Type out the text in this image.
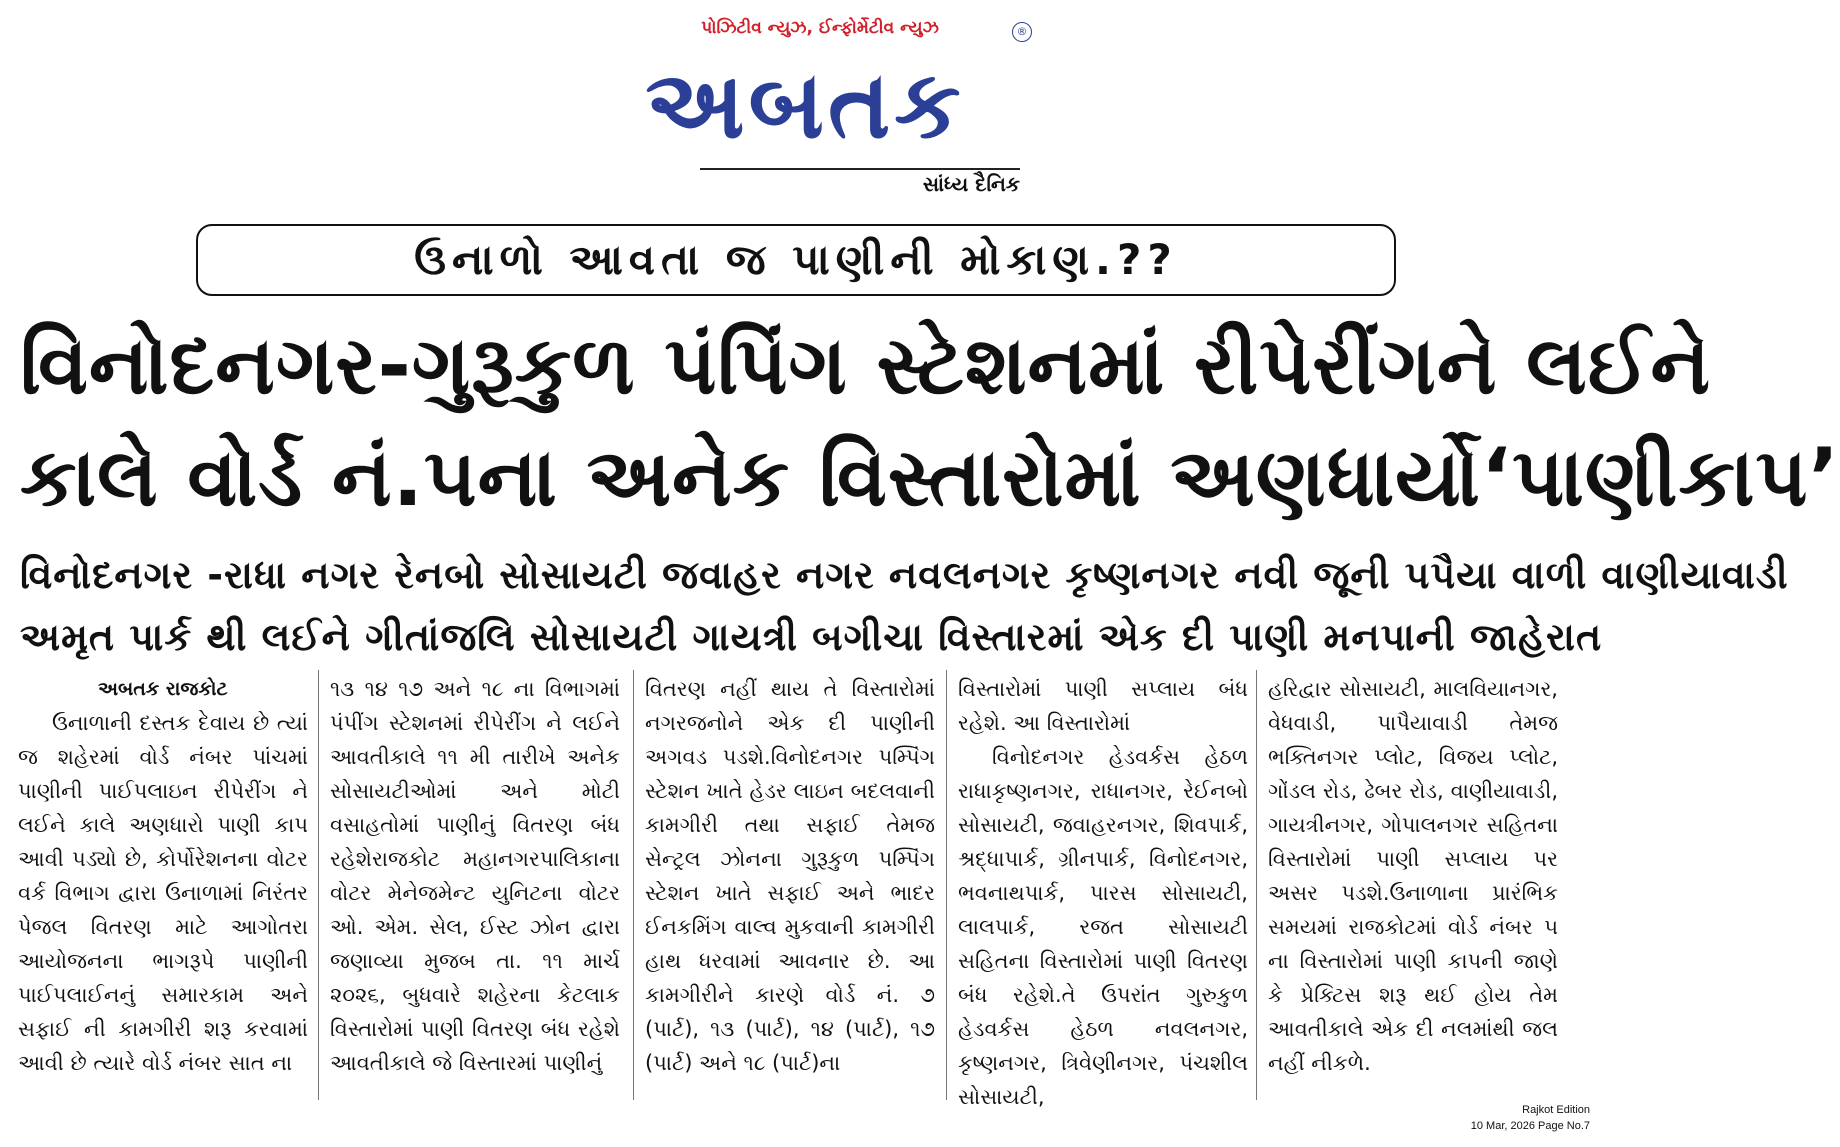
પોઝિટીવ ન્યુઝ, ઈન્ફોર્મેટીવ ન્યુઝ
અબતક
®
સાંધ્ય દૈનિક
ઉનાળો આવતા જ પાણીની મોકાણ.??
વિનોદનગર-ગુરૂકુળ પંપિંગ સ્ટેશનમાં રીપેરીંગને લઈને
કાલે વોર્ડ નં.૫ના અનેક વિસ્તારોમાં અણધાર્યો‘પાણીકાપ’
વિનોદનગર -રાધા નગર રેનબો સોસાયટી જવાહર નગર નવલનગર કૃષ્ણનગર નવી જૂની પપૈયા વાળી વાણીયાવાડી
અમૃત પાર્ક થી લઈને ગીતાંજલિ સોસાયટી ગાયત્રી બગીચા વિસ્તારમાં એક દી પાણી મનપાની જાહેરાત
અબતક રાજકોટ

ઉનાળાની દસ્તક દેવાય છે ત્યાં જ શહેરમાં વોર્ડ નંબર પાંચમાં પાણીની પાઈપલાઇન રીપેરીંગ ને લઈને કાલે અણધારો પાણી કાપ આવી પડ્યો છે, કોર્પોરેશનના વોટર વર્ક વિભાગ દ્વારા ઉનાળામાં નિરંતર પેજલ વિતરણ માટે આગોતરા આયોજનના ભાગરૂપે પાણીની પાઈપલાઈનનું સમારકામ અને સફાઈ ની કામગીરી શરૂ કરવામાં આવી છે ત્યારે વોર્ડ નંબર સાત ના

૧૩ ૧૪ ૧૭ અને ૧૮ ના વિભાગમાં પંપીંગ સ્ટેશનમાં રીપેરીંગ ને લઈને આવતીકાલે ૧૧ મી તારીખે અનેક સોસાયટીઓમાં અને મોટી વસાહતોમાં પાણીનું વિતરણ બંધ રહેશેરાજકોટ મહાનગરપાલિકાના વોટર મેનેજમેન્ટ યુનિટના વોટર ઓ. એમ. સેલ, ઈસ્ટ ઝોન દ્વારા જણાવ્યા મુજબ તા. ૧૧ માર્ચ ૨૦૨૬, બુધવારે શહેરના કેટલાક વિસ્તારોમાં પાણી વિતરણ બંધ રહેશે આવતીકાલે જે વિસ્તારમાં પાણીનું

વિતરણ નહીં થાય તે વિસ્તારોમાં નગરજનોને એક દી પાણીની અગવડ પડશે.વિનોદનગર પમ્પિંગ સ્ટેશન ખાતે હેડર લાઇન બદલવાની કામગીરી તથા સફાઈ તેમજ સેન્ટ્રલ ઝોનના ગુરૂકુળ પમ્પિંગ સ્ટેશન ખાતે સફાઈ અને ભાદર ઈનકમિંગ વાલ્વ મુકવાની કામગીરી હાથ ધરવામાં આવનાર છે. આ કામગીરીને કારણે વોર્ડ નં. ૭ (પાર્ટ), ૧૩ (પાર્ટ), ૧૪ (પાર્ટ), ૧૭ (પાર્ટ) અને ૧૮ (પાર્ટ)ના

વિસ્તારોમાં પાણી સપ્લાય બંધ રહેશે. આ વિસ્તારોમાં

વિનોદનગર હેડવર્કસ હેઠળ રાધાકૃષ્ણનગર, રાધાનગર, રેઈનબો સોસાયટી, જવાહરનગર, શિવપાર્ક, શ્રદ્ધાપાર્ક, ગ્રીનપાર્ક, વિનોદનગર, ભવનાથપાર્ક, પારસ સોસાયટી, લાલપાર્ક, રજત સોસાયટી સહિતના વિસ્તારોમાં પાણી વિતરણ બંધ રહેશે.તે ઉપરાંત ગુરુકુળ હેડવર્કસ હેઠળ નવલનગર, કૃષ્ણનગર, ત્રિવેણીનગર, પંચશીલ સોસાયટી,

હરિદ્વાર સોસાયટી, માલવિયાનગર, વેધવાડી, પાપૈયાવાડી તેમજ ભક્તિનગર પ્લોટ, વિજય પ્લોટ, ગોંડલ રોડ, ઢેબર રોડ, વાણીયાવાડી, ગાયત્રીનગર, ગોપાલનગર સહિતના વિસ્તારોમાં પાણી સપ્લાય પર અસર પડશે.ઉનાળાના પ્રારંભિક સમયમાં રાજકોટમાં વોર્ડ નંબર ૫ ના વિસ્તારોમાં પાણી કાપની જાણે કે પ્રેક્ટિસ શરૂ થઈ હોય તેમ આવતીકાલે એક દી નલમાંથી જલ નહીં નીકળે.

Rajkot Edition
10 Mar, 2026 Page No.7
